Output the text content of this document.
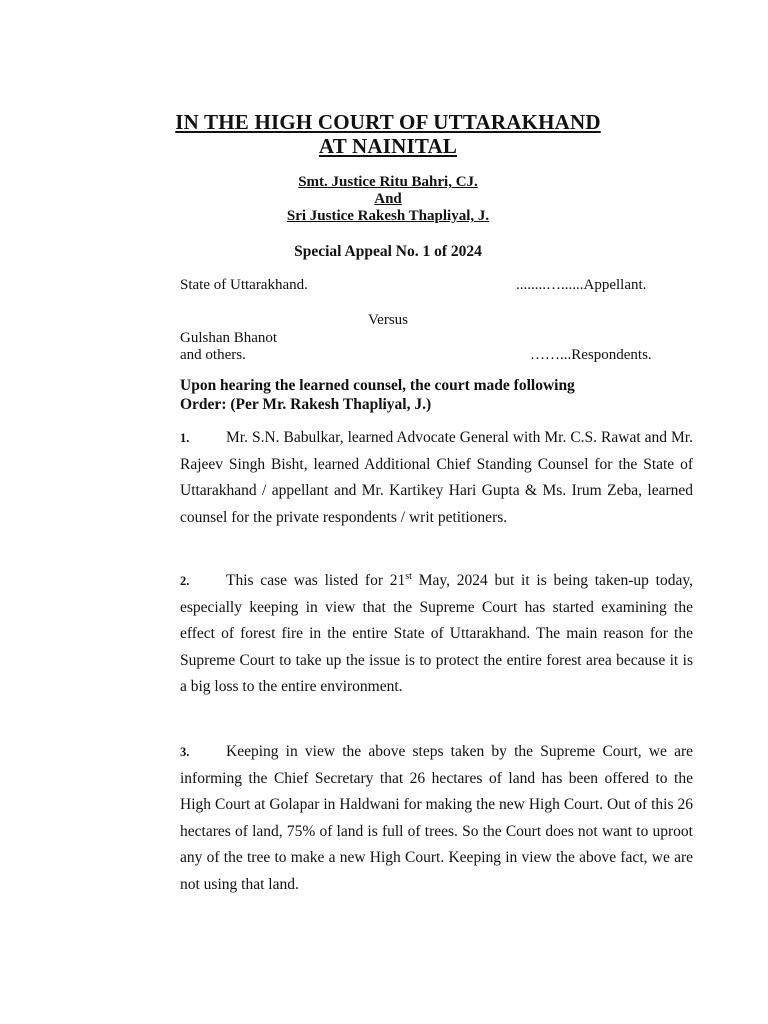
IN THE HIGH COURT OF UTTARAKHAND
AT NAINITAL
Smt. Justice Ritu Bahri, CJ.
And
Sri Justice Rakesh Thapliyal, J.
Special Appeal No. 1 of 2024
State of Uttarakhand.	........…......Appellant.
Versus
Gulshan Bhanot
and others.	……...Respondents.
Upon hearing the learned counsel, the court made following
Order: (Per Mr. Rakesh Thapliyal, J.)
1. Mr. S.N. Babulkar, learned Advocate General with Mr. C.S. Rawat and Mr. Rajeev Singh Bisht, learned Additional Chief Standing Counsel for the State of Uttarakhand / appellant and Mr. Kartikey Hari Gupta & Ms. Irum Zeba, learned counsel for the private respondents / writ petitioners.
2. This case was listed for 21st May, 2024 but it is being taken-up today, especially keeping in view that the Supreme Court has started examining the effect of forest fire in the entire State of Uttarakhand. The main reason for the Supreme Court to take up the issue is to protect the entire forest area because it is a big loss to the entire environment.
3. Keeping in view the above steps taken by the Supreme Court, we are informing the Chief Secretary that 26 hectares of land has been offered to the High Court at Golapar in Haldwani for making the new High Court. Out of this 26 hectares of land, 75% of land is full of trees. So the Court does not want to uproot any of the tree to make a new High Court. Keeping in view the above fact, we are not using that land.
